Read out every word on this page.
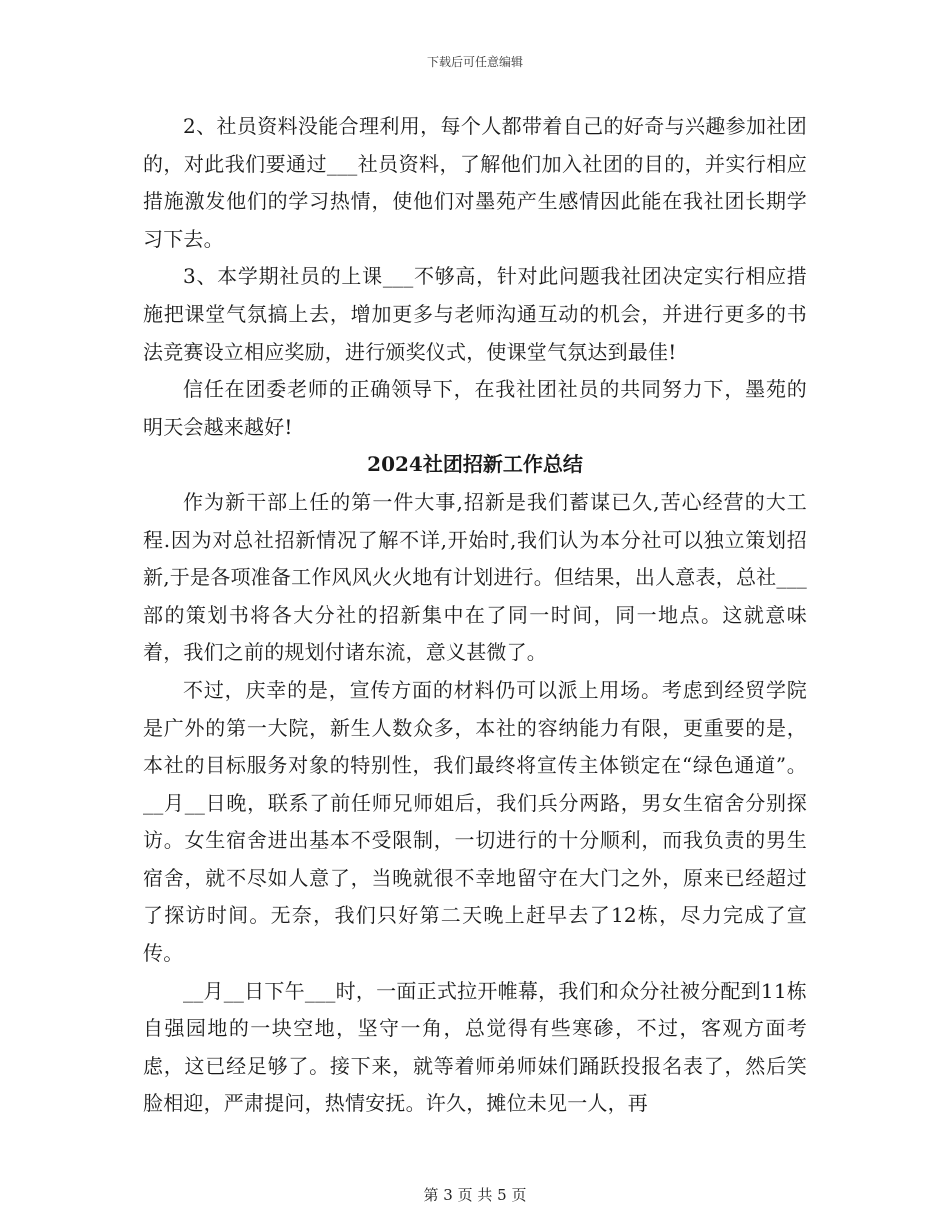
下载后可任意编辑

2、社员资料没能合理利用，每个人都带着自己的好奇与兴趣参加社团的，对此我们要通过___社员资料，了解他们加入社团的目的，并实行相应措施激发他们的学习热情，使他们对墨苑产生感情因此能在我社团长期学习下去。

3、本学期社员的上课___不够高，针对此问题我社团决定实行相应措施把课堂气氛搞上去，增加更多与老师沟通互动的机会，并进行更多的书法竞赛设立相应奖励，进行颁奖仪式，使课堂气氛达到最佳!

信任在团委老师的正确领导下，在我社团社员的共同努力下，墨苑的明天会越来越好!

2024社团招新工作总结

作为新干部上任的第一件大事,招新是我们蓄谋已久,苦心经营的大工程.因为对总社招新情况了解不详,开始时,我们认为本分社可以独立策划招新,于是各项准备工作风风火火地有计划进行。但结果，出人意表，总社___部的策划书将各大分社的招新集中在了同一时间，同一地点。这就意味着，我们之前的规划付诸东流，意义甚微了。

不过，庆幸的是，宣传方面的材料仍可以派上用场。考虑到经贸学院是广外的第一大院，新生人数众多，本社的容纳能力有限，更重要的是，本社的目标服务对象的特别性，我们最终将宣传主体锁定在“绿色通道”。__月__日晚，联系了前任师兄师姐后，我们兵分两路，男女生宿舍分别探访。女生宿舍进出基本不受限制，一切进行的十分顺利，而我负责的男生宿舍，就不尽如人意了，当晚就很不幸地留守在大门之外，原来已经超过了探访时间。无奈，我们只好第二天晚上赶早去了12栋，尽力完成了宣传。

__月__日下午___时，一面正式拉开帷幕，我们和众分社被分配到11栋自强园地的一块空地，坚守一角，总觉得有些寒碜，不过，客观方面考虑，这已经足够了。接下来，就等着师弟师妹们踊跃投报名表了，然后笑脸相迎，严肃提问，热情安抚。许久，摊位未见一人，再

第 3 页 共 5 页
